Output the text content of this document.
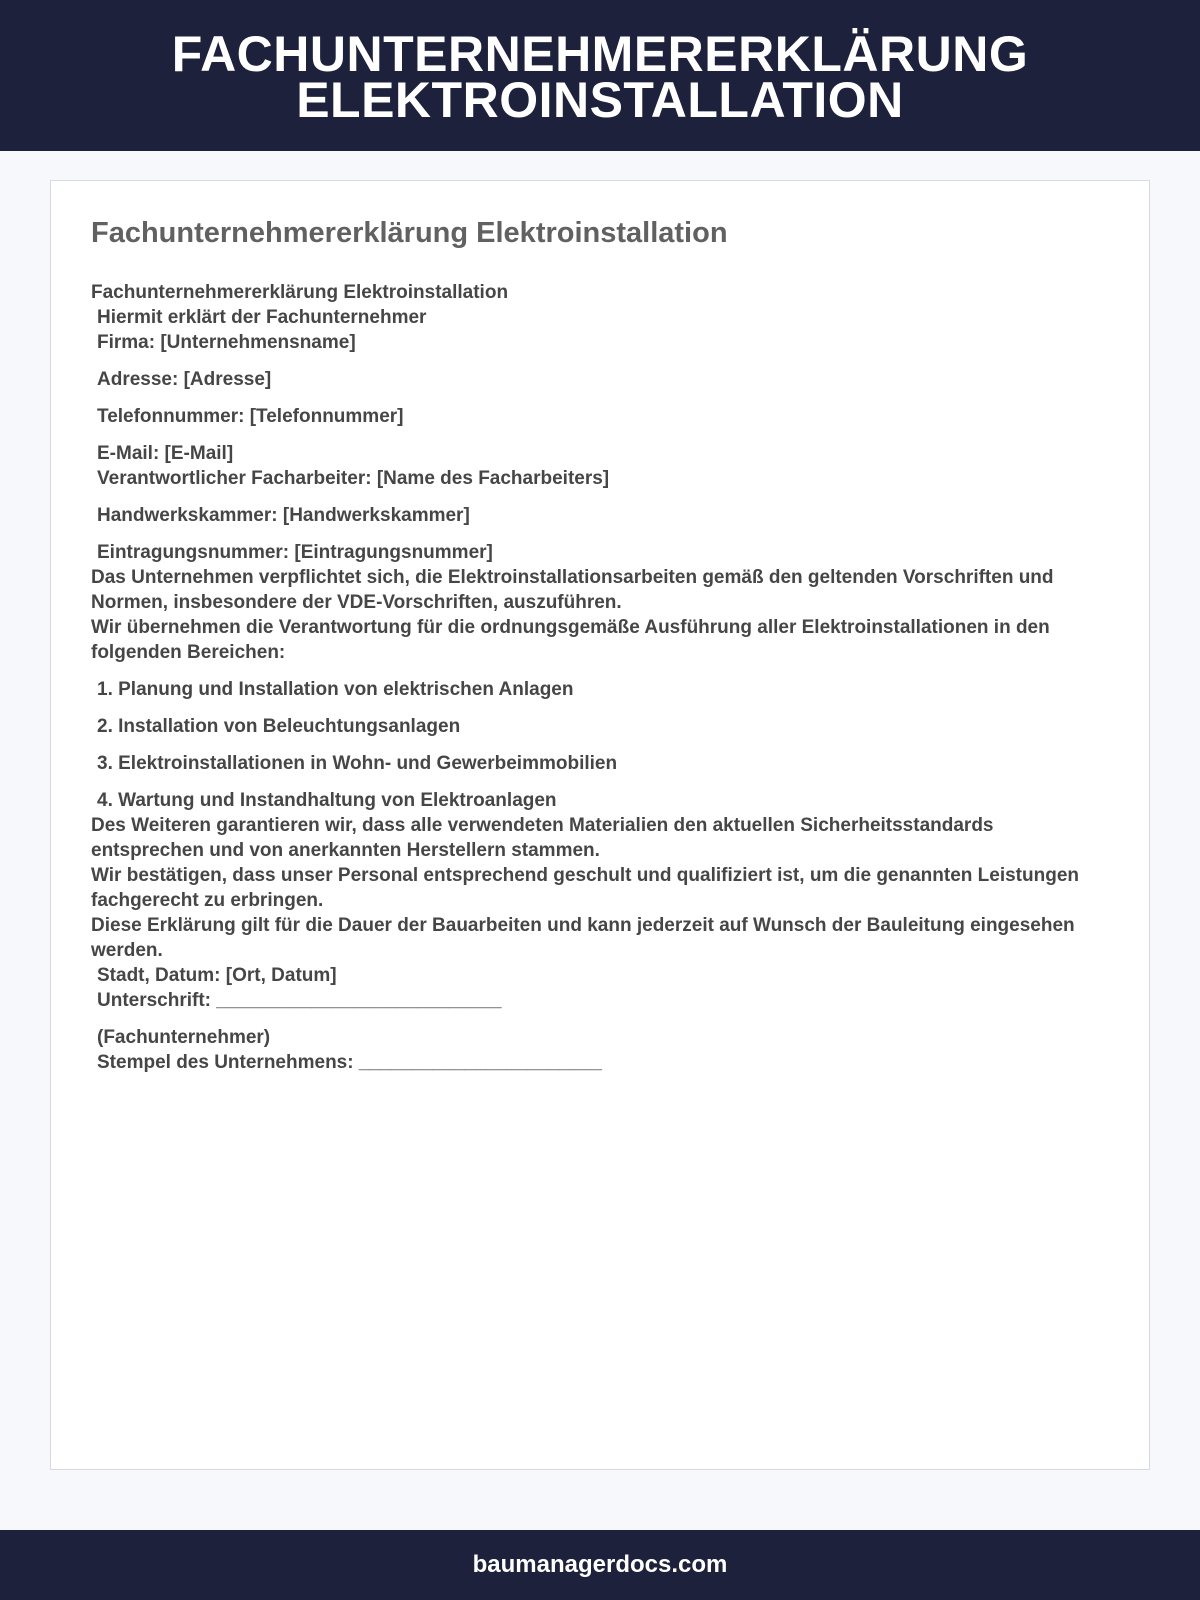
FACHUNTERNEHMERERKLÄRUNG
ELEKTROINSTALLATION
Fachunternehmererklärung Elektroinstallation
Fachunternehmererklärung Elektroinstallation
Hiermit erklärt der Fachunternehmer
Firma: [Unternehmensname]
Adresse: [Adresse]
Telefonnummer: [Telefonnummer]
E-Mail: [E-Mail]
Verantwortlicher Facharbeiter: [Name des Facharbeiters]
Handwerkskammer: [Handwerkskammer]
Eintragungsnummer: [Eintragungsnummer]
Das Unternehmen verpflichtet sich, die Elektroinstallationsarbeiten gemäß den geltenden Vorschriften und Normen, insbesondere der VDE-Vorschriften, auszuführen.
Wir übernehmen die Verantwortung für die ordnungsgemäße Ausführung aller Elektroinstallationen in den folgenden Bereichen:
1. Planung und Installation von elektrischen Anlagen
2. Installation von Beleuchtungsanlagen
3. Elektroinstallationen in Wohn- und Gewerbeimmobilien
4. Wartung und Instandhaltung von Elektroanlagen
Des Weiteren garantieren wir, dass alle verwendeten Materialien den aktuellen Sicherheitsstandards entsprechen und von anerkannten Herstellern stammen.
Wir bestätigen, dass unser Personal entsprechend geschult und qualifiziert ist, um die genannten Leistungen fachgerecht zu erbringen.
Diese Erklärung gilt für die Dauer der Bauarbeiten und kann jederzeit auf Wunsch der Bauleitung eingesehen werden.
Stadt, Datum: [Ort, Datum]
Unterschrift: ___________________________
(Fachunternehmer)
Stempel des Unternehmens: _______________________
baumanagerdocs.com
